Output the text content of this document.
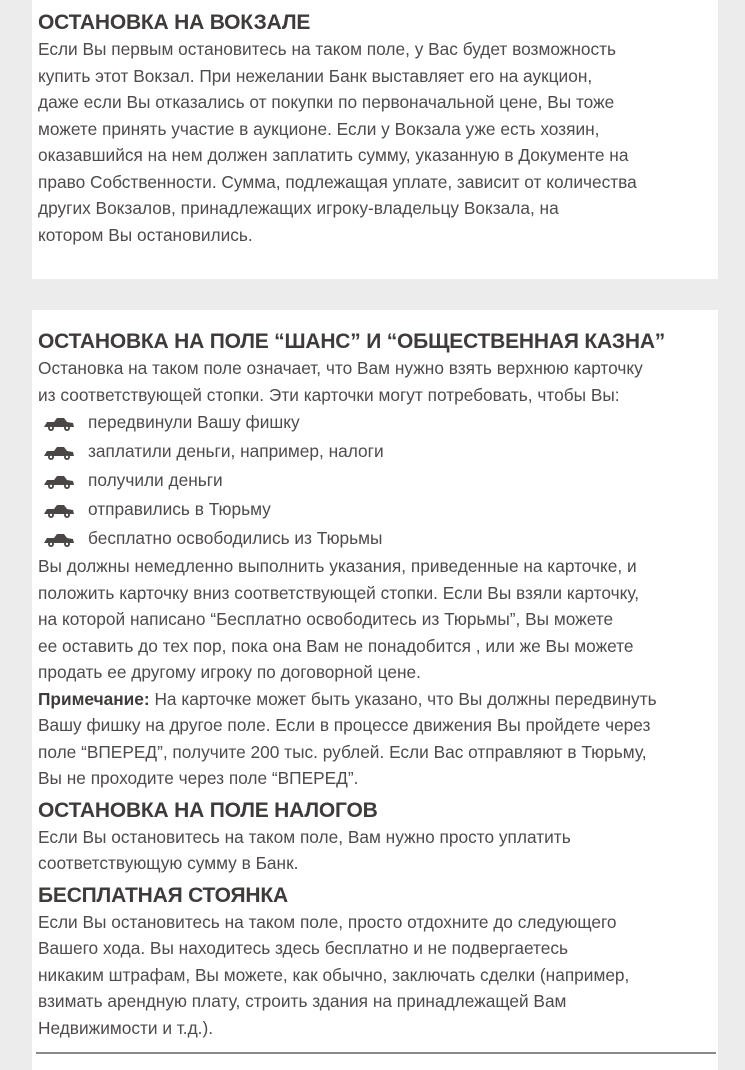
ОСТАНОВКА НА ВОКЗАЛЕ

Если Вы первым остановитесь на таком поле, у Вас будет возможность
купить этот Вокзал. При нежелании Банк выставляет его на аукцион,
даже если Вы отказались от покупки по первоначальной цене, Вы тоже
можете принять участие в аукционе. Если у Вокзала уже есть хозяин,
оказавшийся на нем должен заплатить сумму, указанную в Документе на
право Собственности. Сумма, подлежащая уплате, зависит от количества
других Вокзалов, принадлежащих игроку-владельцу Вокзала, на
котором Вы остановились.

ОСТАНОВКА НА ПОЛЕ “ШАНС” И “ОБЩЕСТВЕННАЯ КАЗНА”

Остановка на таком поле означает, что Вам нужно взять верхнюю карточку
из соответствующей стопки. Эти карточки могут потребовать, чтобы Вы:

передвинули Вашу фишку
заплатили деньги, например, налоги
получили деньги
отправились в Тюрьму
бесплатно освободились из Тюрьмы

Вы должны немедленно выполнить указания, приведенные на карточке, и
положить карточку вниз соответствующей стопки. Если Вы взяли карточку,
на которой написано “Бесплатно освободитесь из Тюрьмы”, Вы можете
ее оставить до тех пор, пока она Вам не понадобится , или же Вы можете
продать ее другому игроку по договорной цене.

Примечание: На карточке может быть указано, что Вы должны передвинуть
Вашу фишку на другое поле. Если в процессе движения Вы пройдете через
поле “ВПЕРЕД”, получите 200 тыс. рублей. Если Вас отправляют в Тюрьму,
Вы не проходите через поле “ВПЕРЕД”.

ОСТАНОВКА НА ПОЛЕ НАЛОГОВ

Если Вы остановитесь на таком поле, Вам нужно просто уплатить
соответствующую сумму в Банк.

БЕСПЛАТНАЯ СТОЯНКА

Если Вы остановитесь на таком поле, просто отдохните до следующего
Вашего хода. Вы находитесь здесь бесплатно и не подвергаетесь
никаким штрафам, Вы можете, как обычно, заключать сделки (например,
взимать арендную плату, строить здания на принадлежащей Вам
Недвижимости и т.д.).
